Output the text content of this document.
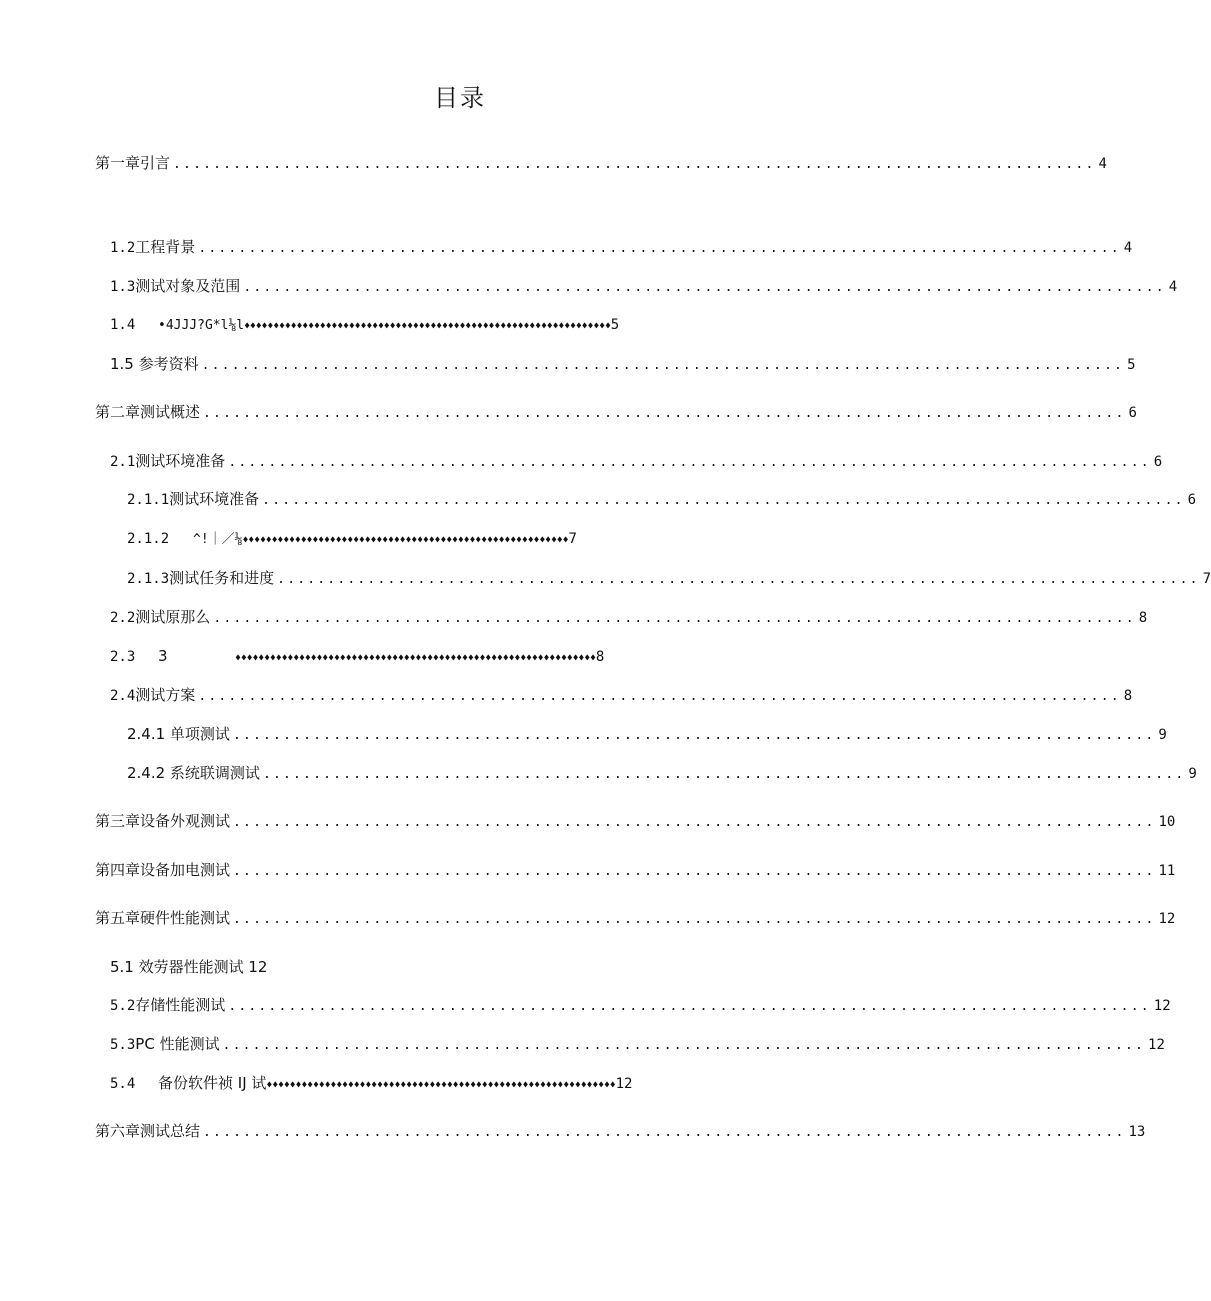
目录
第一章引言 ............................................................................................ 4
1.2 工程背景 ............................................................................................ 4
1.3 测试对象及范围 ............................................................................................ 4
1.4	•4JJJ?G*l⅛l ♦♦♦♦♦♦♦♦♦♦♦♦♦♦♦♦♦♦♦♦♦♦♦♦♦♦♦♦♦♦♦♦♦♦♦♦♦♦♦♦♦♦♦♦♦♦♦♦♦♦♦♦♦♦♦♦♦♦♦♦♦♦♦ 5
1.5 参考资料 ............................................................................................ 5
第二章测试概述 ............................................................................................ 6
2.1 测试环境准备 ............................................................................................ 6
2.1.1 测试环境准备 ............................................................................................ 6
2.1.2	^!｜／⅛ ♦♦♦♦♦♦♦♦♦♦♦♦♦♦♦♦♦♦♦♦♦♦♦♦♦♦♦♦♦♦♦♦♦♦♦♦♦♦♦♦♦♦♦♦♦♦♦♦♦♦♦♦♦♦♦♦ 7
2.1.3 测试任务和进度 ............................................................................................ 7
2.2 测试原那么 ............................................................................................ 8
2.3	3	♦♦♦♦♦♦♦♦♦♦♦♦♦♦♦♦♦♦♦♦♦♦♦♦♦♦♦♦♦♦♦♦♦♦♦♦♦♦♦♦♦♦♦♦♦♦♦♦♦♦♦♦♦♦♦♦♦♦♦♦♦♦ 8
2.4 测试方案 ............................................................................................ 8
2.4.1 单项测试 ............................................................................................ 9
2.4.2 系统联调测试 ............................................................................................ 9
第三章 设备外观测试 ............................................................................................ 10
第四章 设备加电测试 ............................................................................................ 11
第五章 硬件性能测试 ............................................................................................ 12
5.1 效劳器性能测试 12
5.2 存储性能测试 ............................................................................................ 12
5.3 PC 性能测试 ............................................................................................ 12
5.4	备份软件祯 IJ 试 ♦♦♦♦♦♦♦♦♦♦♦♦♦♦♦♦♦♦♦♦♦♦♦♦♦♦♦♦♦♦♦♦♦♦♦♦♦♦♦♦♦♦♦♦♦♦♦♦♦♦♦♦♦♦♦♦♦♦♦♦ 12
第六章测试总结 ............................................................................................ 13
